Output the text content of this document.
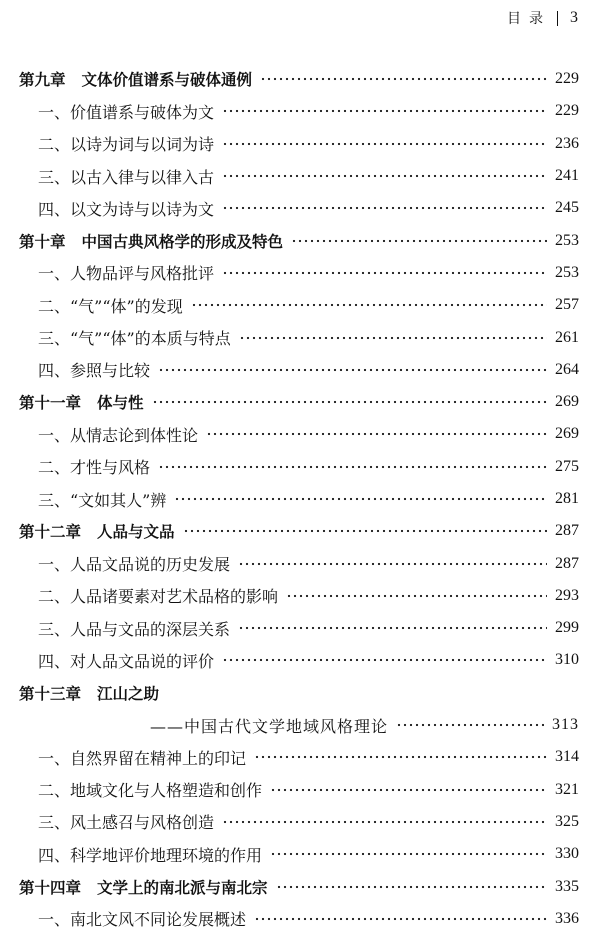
目录 3
第九章 文体价值谱系与破体通例	229
一、价值谱系与破体为文	229
二、以诗为词与以词为诗	236
三、以古入律与以律入古	241
四、以文为诗与以诗为文	245
第十章 中国古典风格学的形成及特色	253
一、人物品评与风格批评	253
二、“气”“体”的发现	257
三、“气”“体”的本质与特点	261
四、参照与比较	264
第十一章 体与性	269
一、从情志论到体性论	269
二、才性与风格	275
三、“文如其人”辨	281
第十二章 人品与文品	287
一、人品文品说的历史发展	287
二、人品诸要素对艺术品格的影响	293
三、人品与文品的深层关系	299
四、对人品文品说的评价	310
第十三章 江山之助
——中国古代文学地域风格理论	313
一、自然界留在精神上的印记	314
二、地域文化与人格塑造和创作	321
三、风土感召与风格创造	325
四、科学地评价地理环境的作用	330
第十四章 文学上的南北派与南北宗	335
一、南北文风不同论发展概述	336
